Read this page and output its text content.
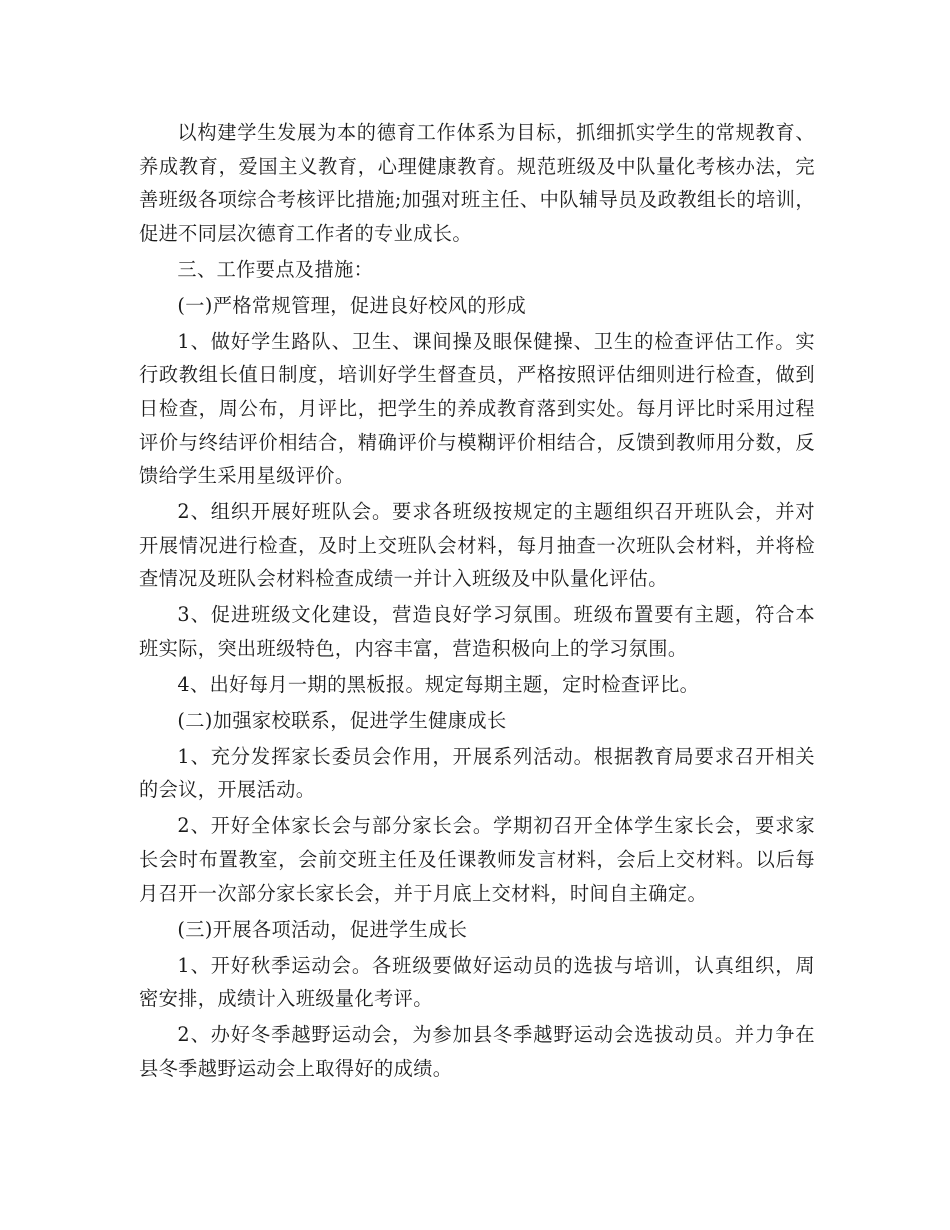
以构建学生发展为本的德育工作体系为目标，抓细抓实学生的常规教育、养成教育，爱国主义教育，心理健康教育。规范班级及中队量化考核办法，完善班级各项综合考核评比措施;加强对班主任、中队辅导员及政教组长的培训，促进不同层次德育工作者的专业成长。

三、工作要点及措施：

(一)严格常规管理，促进良好校风的形成

1、做好学生路队、卫生、课间操及眼保健操、卫生的检查评估工作。实行政教组长值日制度，培训好学生督查员，严格按照评估细则进行检查，做到日检查，周公布，月评比，把学生的养成教育落到实处。每月评比时采用过程评价与终结评价相结合，精确评价与模糊评价相结合，反馈到教师用分数，反馈给学生采用星级评价。

2、组织开展好班队会。要求各班级按规定的主题组织召开班队会，并对开展情况进行检查，及时上交班队会材料，每月抽查一次班队会材料，并将检查情况及班队会材料检查成绩一并计入班级及中队量化评估。

3、促进班级文化建设，营造良好学习氛围。班级布置要有主题，符合本班实际，突出班级特色，内容丰富，营造积极向上的学习氛围。

4、出好每月一期的黑板报。规定每期主题，定时检查评比。

(二)加强家校联系，促进学生健康成长

1、充分发挥家长委员会作用，开展系列活动。根据教育局要求召开相关的会议，开展活动。

2、开好全体家长会与部分家长会。学期初召开全体学生家长会，要求家长会时布置教室，会前交班主任及任课教师发言材料，会后上交材料。以后每月召开一次部分家长家长会，并于月底上交材料，时间自主确定。

(三)开展各项活动，促进学生成长

1、开好秋季运动会。各班级要做好运动员的选拔与培训，认真组织，周密安排，成绩计入班级量化考评。

2、办好冬季越野运动会，为参加县冬季越野运动会选拔动员。并力争在县冬季越野运动会上取得好的成绩。
